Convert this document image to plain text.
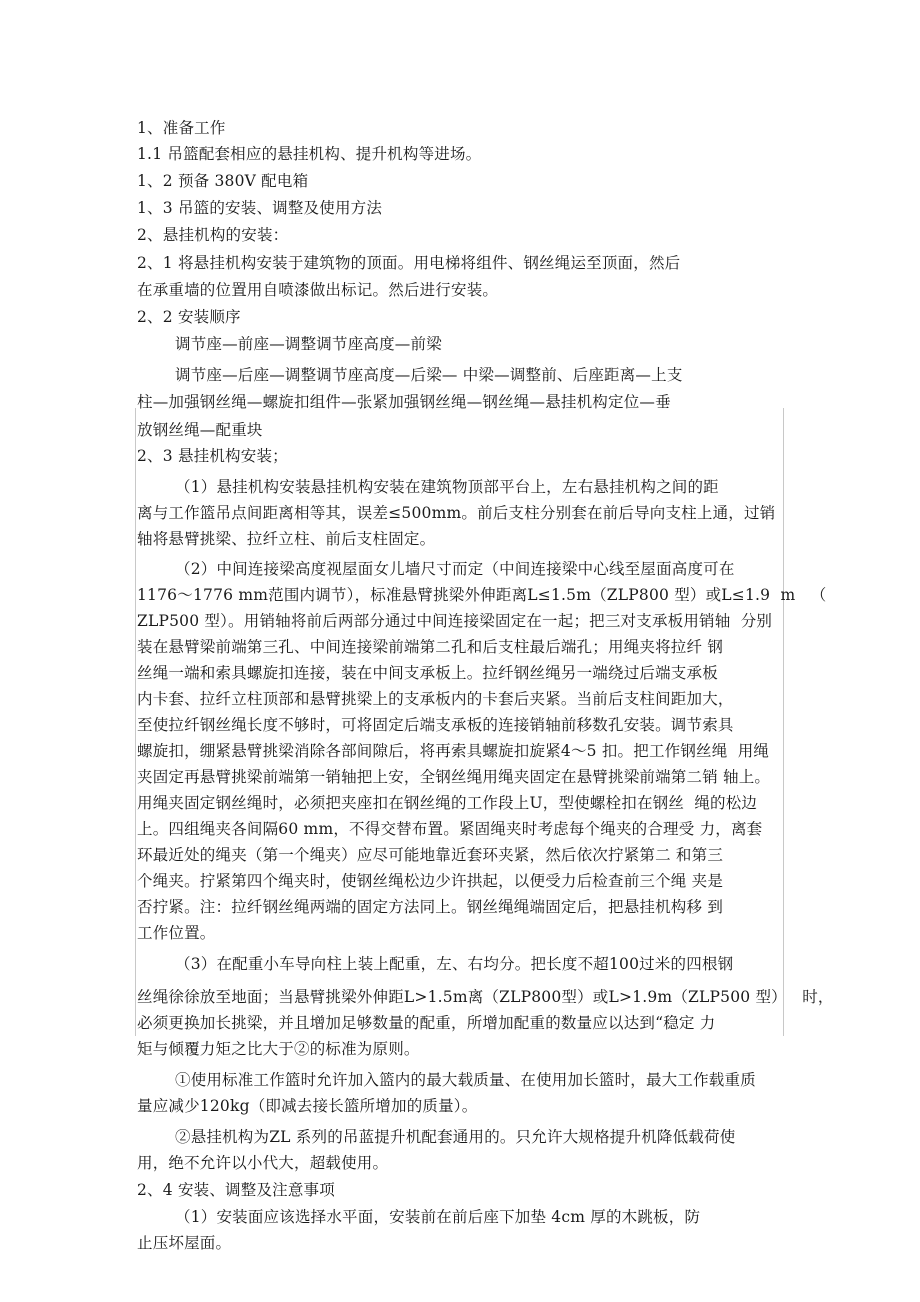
1、准备工作
1.1 吊篮配套相应的悬挂机构、提升机构等进场。
1、2 预备 380V 配电箱
1、3 吊篮的安装、调整及使用方法
2、悬挂机构的安装：
2、1 将悬挂机构安装于建筑物的顶面。用电梯将组件、钢丝绳运至顶面，然后
在承重墙的位置用自喷漆做出标记。然后进行安装。
2、2 安装顺序
调节座—前座—调整调节座高度—前梁
调节座—后座—调整调节座高度—后梁— 中梁—调整前、后座距离—上支
柱—加强钢丝绳—螺旋扣组件—张紧加强钢丝绳—钢丝绳—悬挂机构定位—垂
放钢丝绳—配重块
2、3 悬挂机构安装；
（1）悬挂机构安装悬挂机构安装在建筑物顶部平台上，左右悬挂机构之间的距
离与工作篮吊点间距离相等其，误差≤500mm。前后支柱分别套在前后导向支柱上通，过销
轴将悬臂挑梁、拉纤立柱、前后支柱固定。
（2）中间连接梁高度视屋面女儿墙尺寸而定（中间连接梁中心线至屋面高度可在
1176～1776 mm范围内调节），标准悬臂挑梁外伸距离L≤1.5m（ZLP800 型）或L≤1.9  m   （
ZLP500 型）。用销轴将前后两部分通过中间连接梁固定在一起；把三对支承板用销轴  分别
装在悬臂梁前端第三孔、中间连接梁前端第二孔和后支柱最后端孔；用绳夹将拉纤 钢
丝绳一端和索具螺旋扣连接，装在中间支承板上。拉纤钢丝绳另一端绕过后端支承板
内卡套、拉纤立柱顶部和悬臂挑梁上的支承板内的卡套后夹紧。当前后支柱间距加大，
至使拉纤钢丝绳长度不够时，可将固定后端支承板的连接销轴前移数孔安装。调节索具
螺旋扣，绷紧悬臂挑梁消除各部间隙后，将再索具螺旋扣旋紧4～5 扣。把工作钢丝绳  用绳
夹固定再悬臂挑梁前端第一销轴把上安，全钢丝绳用绳夹固定在悬臂挑梁前端第二销 轴上。
用绳夹固定钢丝绳时，必须把夹座扣在钢丝绳的工作段上U，型使螺栓扣在钢丝  绳的松边
上。四组绳夹各间隔60 mm，不得交替布置。紧固绳夹时考虑每个绳夹的合理受 力，离套
环最近处的绳夹（第一个绳夹）应尽可能地靠近套环夹紧，然后依次拧紧第二 和第三
个绳夹。拧紧第四个绳夹时，使钢丝绳松边少许拱起，以便受力后检查前三个绳 夹是
否拧紧。注：拉纤钢丝绳两端的固定方法同上。钢丝绳绳端固定后，把悬挂机构移 到
工作位置。
（3）在配重小车导向柱上装上配重，左、右均分。把长度不超100过米的四根钢
丝绳徐徐放至地面；当悬臂挑梁外伸距L>1.5m离（ZLP800型）或L>1.9m（ZLP500 型）   时，
必须更换加长挑梁，并且增加足够数量的配重，所增加配重的数量应以达到“稳定 力
矩与倾覆力矩之比大于②的标准为原则。
①使用标准工作篮时允许加入篮内的最大载质量、在使用加长篮时，最大工作载重质
量应减少120kg（即减去接长篮所增加的质量）。
②悬挂机构为ZL 系列的吊蓝提升机配套通用的。只允许大规格提升机降低载荷使
用，绝不允许以小代大，超载使用。
2、4 安装、调整及注意事项
（1）安装面应该选择水平面，安装前在前后座下加垫 4cm 厚的木跳板，防
止压坏屋面。
